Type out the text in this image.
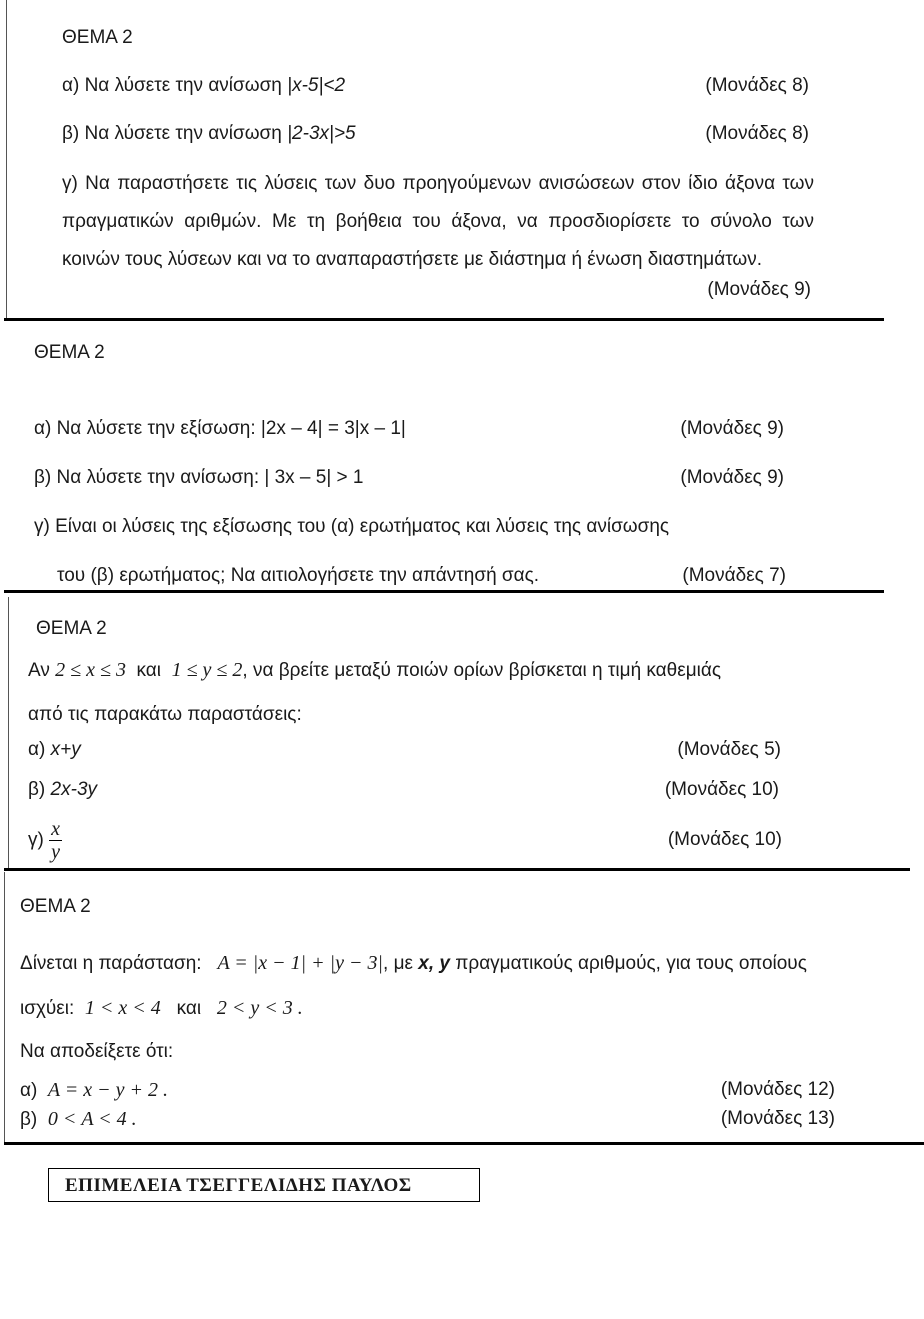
ΘΕΜΑ 2
α) Να λύσετε την ανίσωση |x-5|<2	(Μονάδες 8)
β) Να λύσετε την ανίσωση |2-3x|>5	(Μονάδες 8)
γ) Να παραστήσετε τις λύσεις των δυο προηγούμενων ανισώσεων στον ίδιο άξονα των
πραγματικών αριθμών. Με τη βοήθεια του άξονα, να προσδιορίσετε το σύνολο των
κοινών τους λύσεων και να το αναπαραστήσετε με διάστημα ή ένωση διαστημάτων.
(Μονάδες 9)
ΘΕΜΑ 2
α) Να λύσετε την εξίσωση: |2x – 4| = 3|x – 1|	(Μονάδες 9)
β) Να λύσετε την ανίσωση: | 3x – 5| > 1	(Μονάδες 9)
γ) Είναι οι λύσεις της εξίσωσης του (α) ερωτήματος και λύσεις της ανίσωσης
του (β) ερωτήματος; Να αιτιολογήσετε την απάντησή σας.	(Μονάδες 7)
ΘΕΜΑ 2
Αν 2 ≤ x ≤ 3 και 1 ≤ y ≤ 2, να βρείτε μεταξύ ποιών ορίων βρίσκεται η τιμή καθεμιάς
από τις παρακάτω παραστάσεις:
α) x+y	(Μονάδες 5)
β) 2x-3y	(Μονάδες 10)
$\gamma) \frac{x}{y}$	(Μονάδες 10)
ΘΕΜΑ 2
Δίνεται η παράσταση: A = |x − 1| + |y − 3|, με x, y πραγματικούς αριθμούς, για τους οποίους
ισχύει: 1 < x < 4 και 2 < y < 3 .
Να αποδείξετε ότι:
α) A = x − y + 2 .	(Μονάδες 12)
β) 0 < A < 4 .	(Μονάδες 13)
ΕΠΙΜΕΛΕΙΑ ΤΣΕΓΓΕΛΙΔΗΣ ΠΑΥΛΟΣ
